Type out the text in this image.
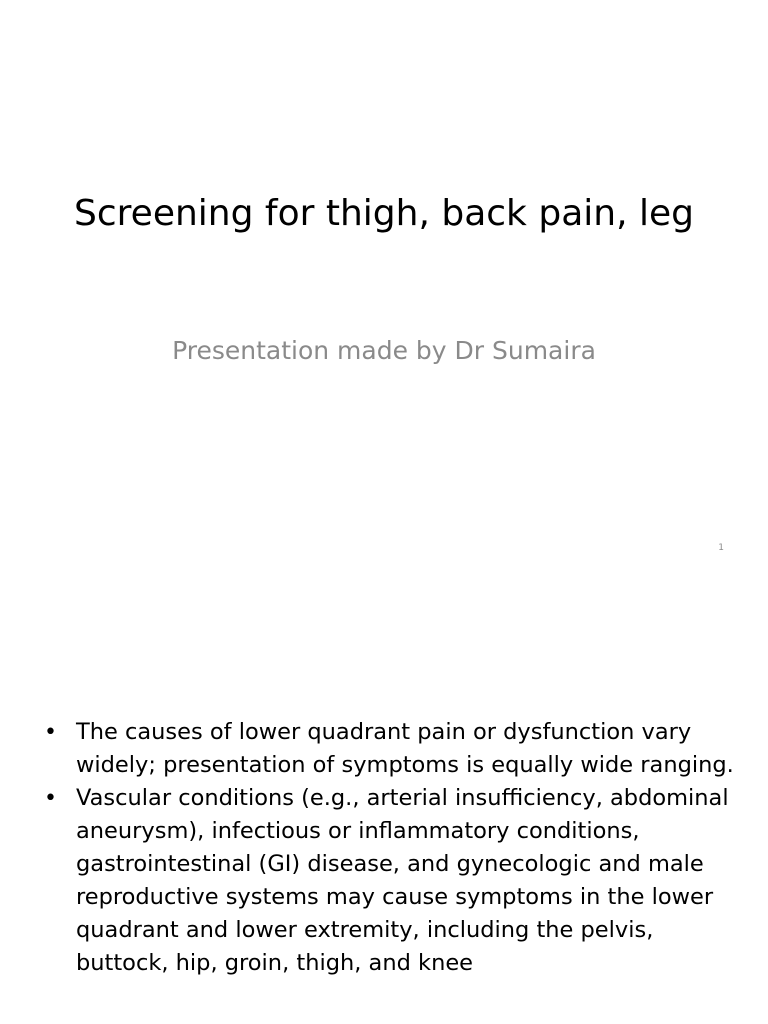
Screening for thigh, back pain, leg
Presentation made by Dr Sumaira
1
• The causes of lower quadrant pain or dysfunction vary widely; presentation of symptoms is equally wide ranging.
• Vascular conditions (e.g., arterial insufficiency, abdominal aneurysm), infectious or inflammatory conditions, gastrointestinal (GI) disease, and gynecologic and male reproductive systems may cause symptoms in the lower quadrant and lower extremity, including the pelvis, buttock, hip, groin, thigh, and knee
